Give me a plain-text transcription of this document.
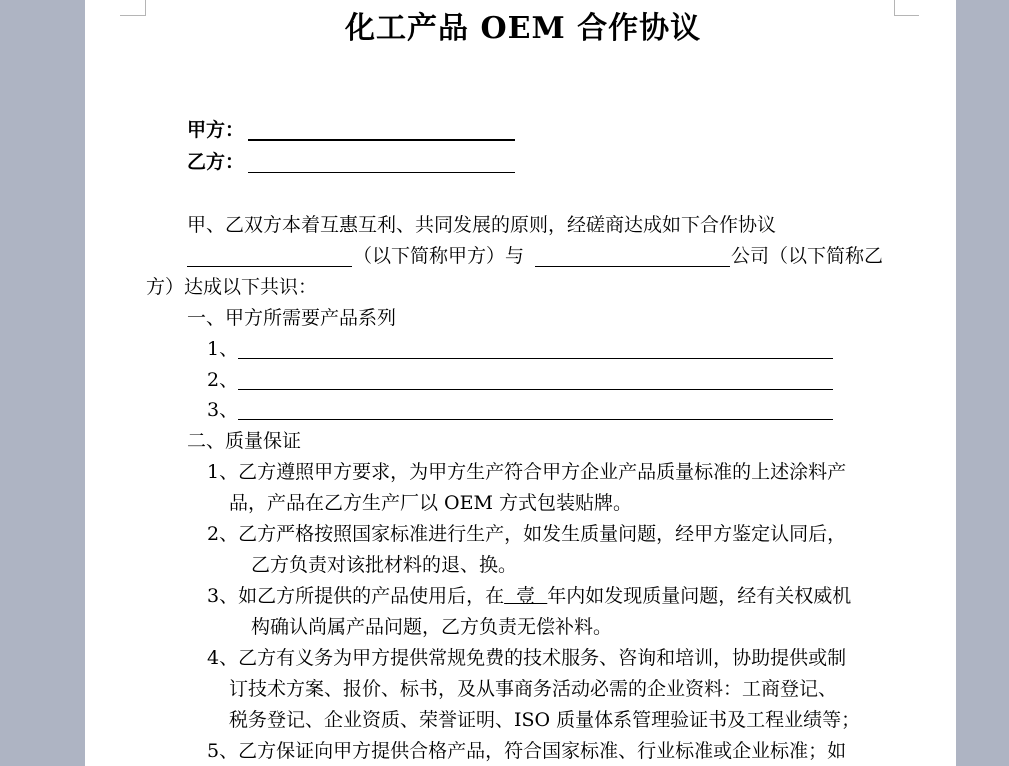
化工产品 OEM 合作协议
甲方：
乙方：
甲、乙双方本着互惠互利、共同发展的原则，经磋商达成如下合作协议
（以下简称甲方）与	公司（以下简称乙
方）达成以下共识：
一、甲方所需要产品系列
1、
2、
3、
二、质量保证
1、乙方遵照甲方要求，为甲方生产符合甲方企业产品质量标准的上述涂料产
品，产品在乙方生产厂以 OEM 方式包装贴牌。
2、乙方严格按照国家标准进行生产，如发生质量问题，经甲方鉴定认同后，
乙方负责对该批材料的退、换。
3、如乙方所提供的产品使用后，在  壹  年内如发现质量问题，经有关权威机
构确认尚属产品问题，乙方负责无偿补料。
4、乙方有义务为甲方提供常规免费的技术服务、咨询和培训，协助提供或制
订技术方案、报价、标书，及从事商务活动必需的企业资料：工商登记、
税务登记、企业资质、荣誉证明、ISO 质量体系管理验证书及工程业绩等；
5、乙方保证向甲方提供合格产品，符合国家标准、行业标准或企业标准；如
